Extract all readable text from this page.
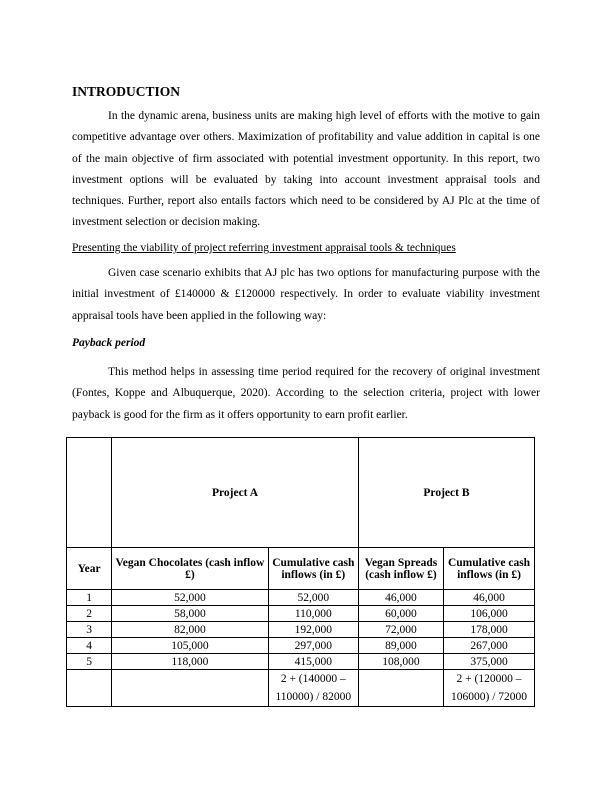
INTRODUCTION

In the dynamic arena, business units are making high level of efforts with the motive to gain competitive advantage over others. Maximization of profitability and value addition in capital is one of the main objective of firm associated with potential investment opportunity. In this report, two investment options will be evaluated by taking into account investment appraisal tools and techniques. Further, report also entails factors which need to be considered by AJ Plc at the time of investment selection or decision making.

Presenting the viability of project referring investment appraisal tools & techniques

Given case scenario exhibits that AJ plc has two options for manufacturing purpose with the initial investment of £140000 & £120000 respectively. In order to evaluate viability investment appraisal tools have been applied in the following way:

Payback period

This method helps in assessing time period required for the recovery of original investment (Fontes, Koppe and Albuquerque, 2020). According to the selection criteria, project with lower payback is good for the firm as it offers opportunity to earn profit earlier.

	Project A		Project B	
Year	Vegan Chocolates (cash inflow £)	Cumulative cash inflows (in £)	Vegan Spreads (cash inflow £)	Cumulative cash inflows (in £)
1	52,000	52,000	46,000	46,000
2	58,000	110,000	60,000	106,000
3	82,000	192,000	72,000	178,000
4	105,000	297,000	89,000	267,000
5	118,000	415,000	108,000	375,000
		2 + (140000 – 110000) / 82000		2 + (120000 – 106000) / 72000
